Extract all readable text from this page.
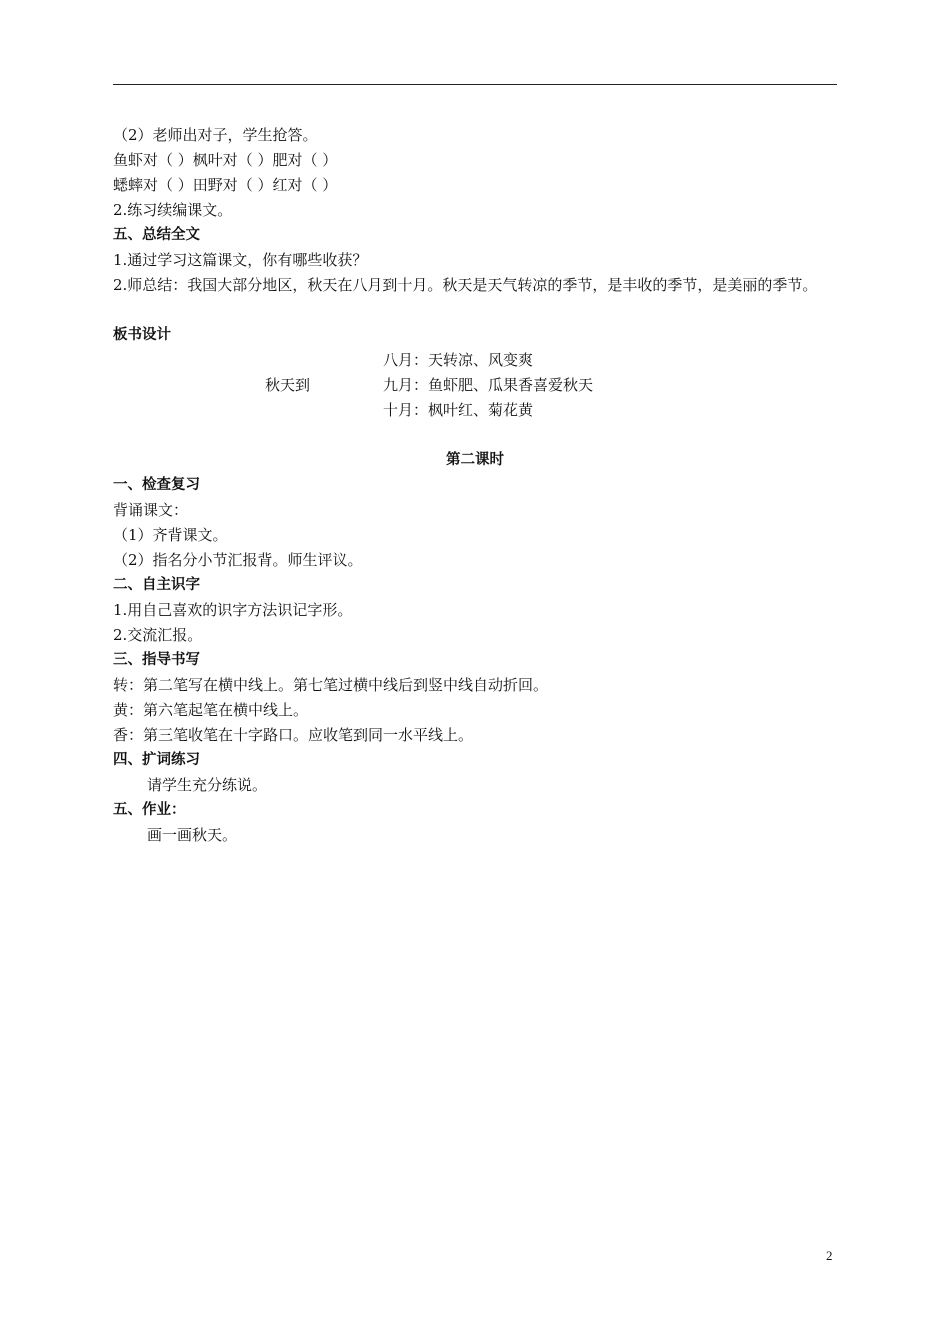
（2）老师出对子，学生抢答。
鱼虾对（ ）枫叶对（ ）肥对（ ）
蟋蟀对（ ）田野对（ ）红对（ ）
2.练习续编课文。
五、总结全文
1.通过学习这篇课文，你有哪些收获？
2.师总结：我国大部分地区，秋天在八月到十月。秋天是天气转凉的季节，是丰收的季节，是美丽的季节。
板书设计
秋天到
八月：天转凉、风变爽
九月：鱼虾肥、瓜果香喜爱秋天
十月：枫叶红、菊花黄
第二课时
一、检查复习
背诵课文：
（1）齐背课文。
（2）指名分小节汇报背。师生评议。
二、自主识字
1.用自己喜欢的识字方法识记字形。
2.交流汇报。
三、指导书写
转：第二笔写在横中线上。第七笔过横中线后到竖中线自动折回。
黄：第六笔起笔在横中线上。
香：第三笔收笔在十字路口。应收笔到同一水平线上。
四、扩词练习
请学生充分练说。
五、作业：
画一画秋天。
2
